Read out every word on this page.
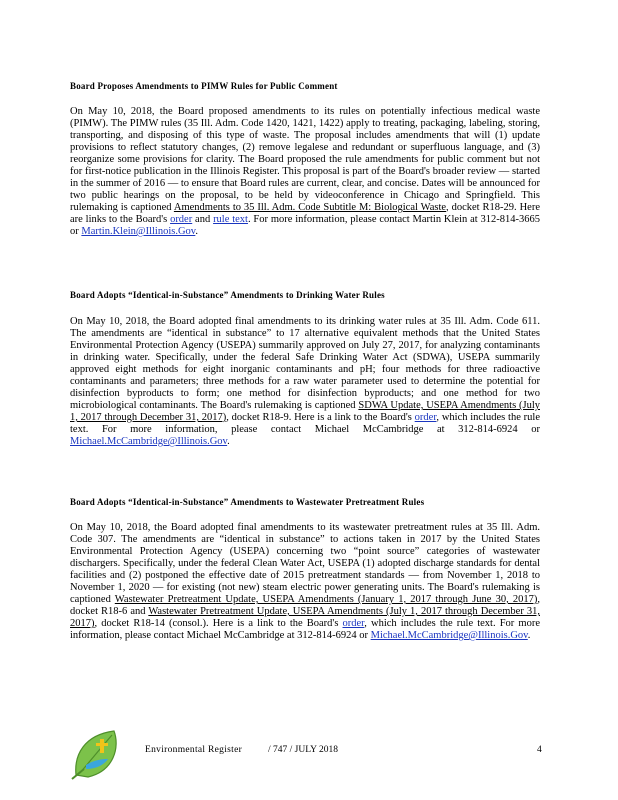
Board Proposes Amendments to PIMW Rules for Public Comment

On May 10, 2018, the Board proposed amendments to its rules on potentially infectious medical waste (PIMW). The PIMW rules (35 Ill. Adm. Code 1420, 1421, 1422) apply to treating, packaging, labeling, storing, transporting, and disposing of this type of waste. The proposal includes amendments that will (1) update provisions to reflect statutory changes, (2) remove legalese and redundant or superfluous language, and (3) reorganize some provisions for clarity. The Board proposed the rule amendments for public comment but not for first-notice publication in the Illinois Register. This proposal is part of the Board's broader review — started in the summer of 2016 — to ensure that Board rules are current, clear, and concise. Dates will be announced for two public hearings on the proposal, to be held by videoconference in Chicago and Springfield. This rulemaking is captioned Amendments to 35 Ill. Adm. Code Subtitle M: Biological Waste, docket R18-29. Here are links to the Board's order and rule text. For more information, please contact Martin Klein at 312-814-3665 or Martin.Klein@Illinois.Gov.

Board Adopts “Identical-in-Substance” Amendments to Drinking Water Rules

On May 10, 2018, the Board adopted final amendments to its drinking water rules at 35 Ill. Adm. Code 611. The amendments are “identical in substance” to 17 alternative equivalent methods that the United States Environmental Protection Agency (USEPA) summarily approved on July 27, 2017, for analyzing contaminants in drinking water. Specifically, under the federal Safe Drinking Water Act (SDWA), USEPA summarily approved eight methods for eight inorganic contaminants and pH; four methods for three radioactive contaminants and parameters; three methods for a raw water parameter used to determine the potential for disinfection byproducts to form; one method for disinfection byproducts; and one method for two microbiological contaminants. The Board's rulemaking is captioned SDWA Update, USEPA Amendments (July 1, 2017 through December 31, 2017), docket R18-9. Here is a link to the Board's order, which includes the rule text. For more information, please contact Michael McCambridge at 312-814-6924 or Michael.McCambridge@Illinois.Gov.

Board Adopts “Identical-in-Substance” Amendments to Wastewater Pretreatment Rules

On May 10, 2018, the Board adopted final amendments to its wastewater pretreatment rules at 35 Ill. Adm. Code 307. The amendments are “identical in substance” to actions taken in 2017 by the United States Environmental Protection Agency (USEPA) concerning two “point source” categories of wastewater dischargers. Specifically, under the federal Clean Water Act, USEPA (1) adopted discharge standards for dental facilities and (2) postponed the effective date of 2015 pretreatment standards — from November 1, 2018 to November 1, 2020 — for existing (not new) steam electric power generating units. The Board's rulemaking is captioned Wastewater Pretreatment Update, USEPA Amendments (January 1, 2017 through June 30, 2017), docket R18-6 and Wastewater Pretreatment Update, USEPA Amendments (July 1, 2017 through December 31, 2017), docket R18-14 (consol.). Here is a link to the Board's order, which includes the rule text. For more information, please contact Michael McCambridge at 312-814-6924 or Michael.McCambridge@Illinois.Gov.

Environmental Register	/ 747 / JULY 2018	4
